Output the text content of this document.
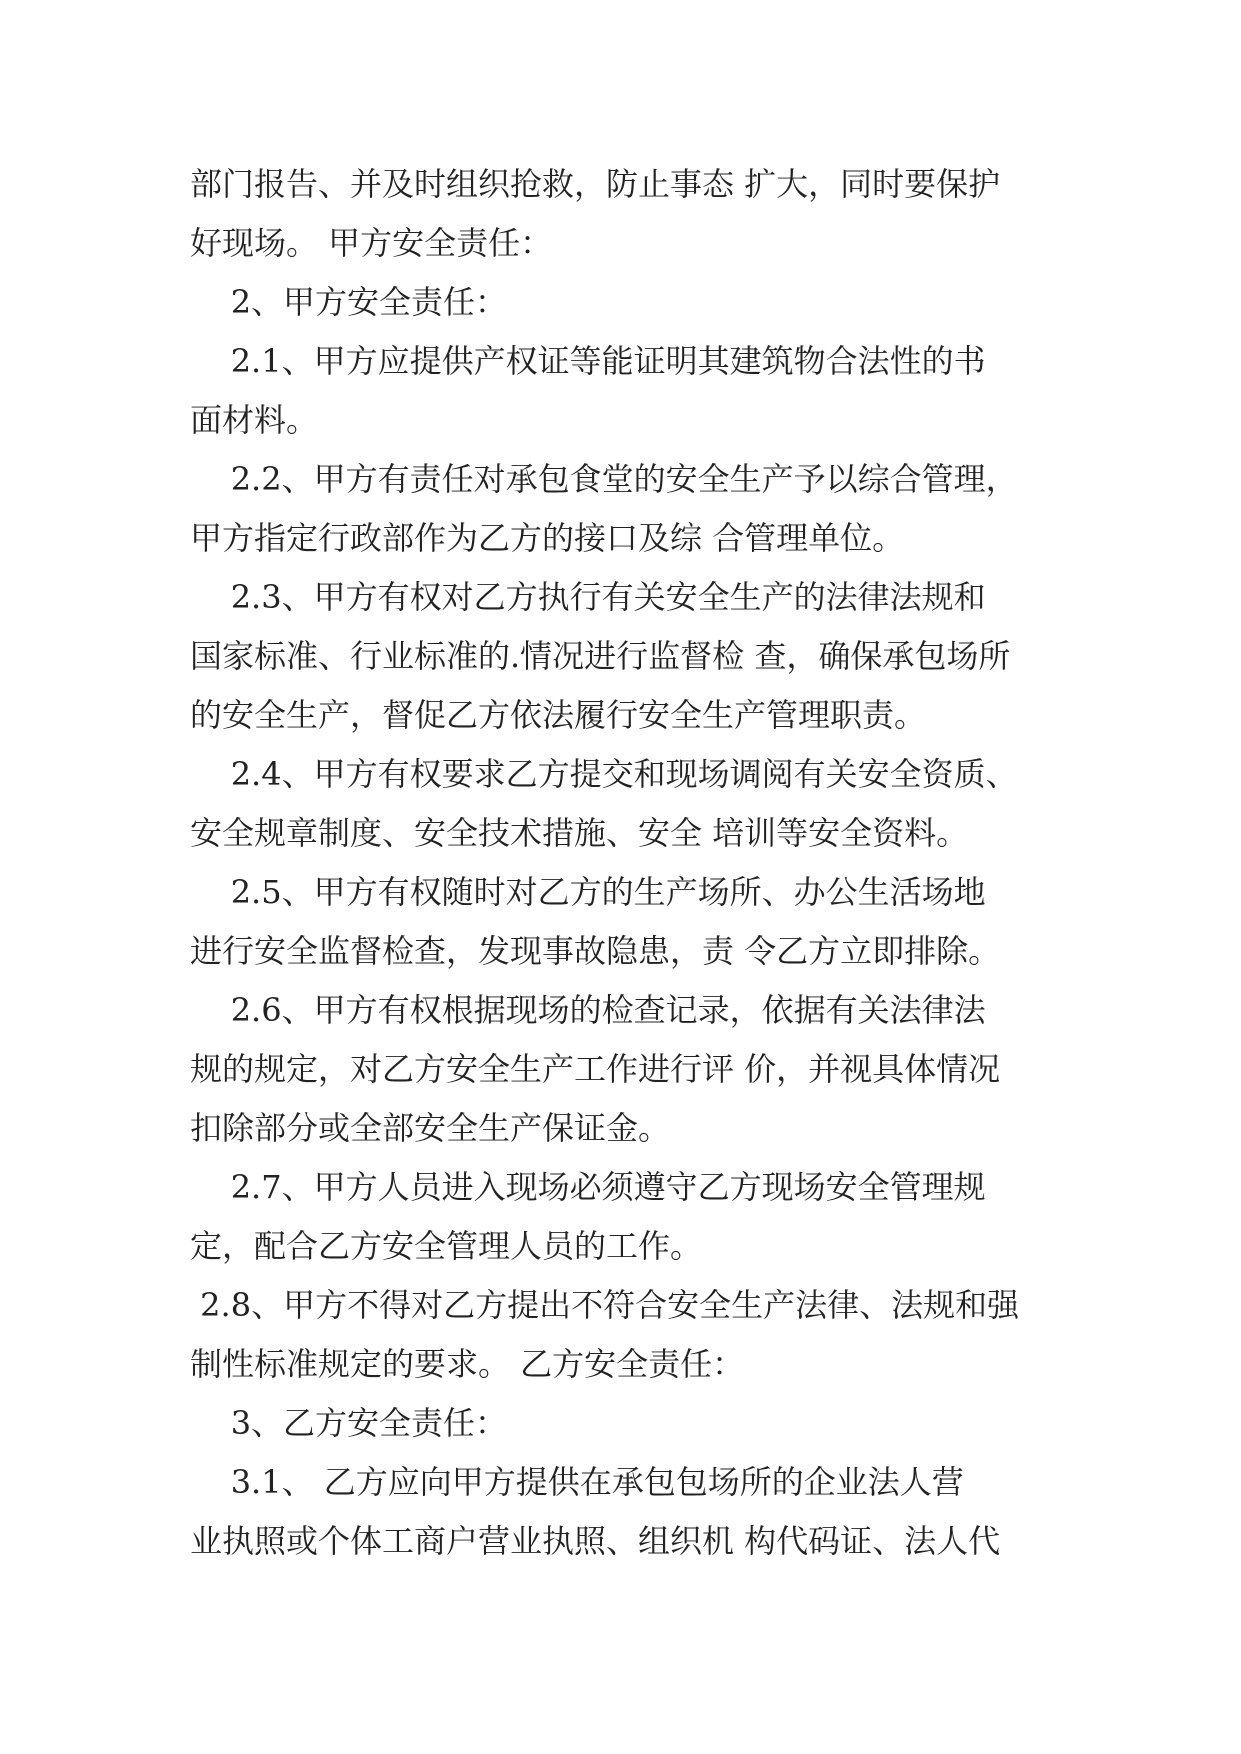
部门报告、并及时组织抢救，防止事态 扩大，同时要保护
好现场。 甲方安全责任：
2、甲方安全责任：
2.1、甲方应提供产权证等能证明其建筑物合法性的书
面材料。
2.2、甲方有责任对承包食堂的安全生产予以综合管理，
甲方指定行政部作为乙方的接口及综 合管理单位。
2.3、甲方有权对乙方执行有关安全生产的法律法规和
国家标准、行业标准的.情况进行监督检 查，确保承包场所
的安全生产，督促乙方依法履行安全生产管理职责。
2.4、甲方有权要求乙方提交和现场调阅有关安全资质、
安全规章制度、安全技术措施、安全 培训等安全资料。
2.5、甲方有权随时对乙方的生产场所、办公生活场地
进行安全监督检查，发现事故隐患，责 令乙方立即排除。
2.6、甲方有权根据现场的检查记录，依据有关法律法
规的规定，对乙方安全生产工作进行评 价，并视具体情况
扣除部分或全部安全生产保证金。
2.7、甲方人员进入现场必须遵守乙方现场安全管理规
定，配合乙方安全管理人员的工作。
2.8、甲方不得对乙方提出不符合安全生产法律、法规和强
制性标准规定的要求。 乙方安全责任：
3、乙方安全责任：
3.1、 乙方应向甲方提供在承包包场所的企业法人营
业执照或个体工商户营业执照、组织机 构代码证、法人代
